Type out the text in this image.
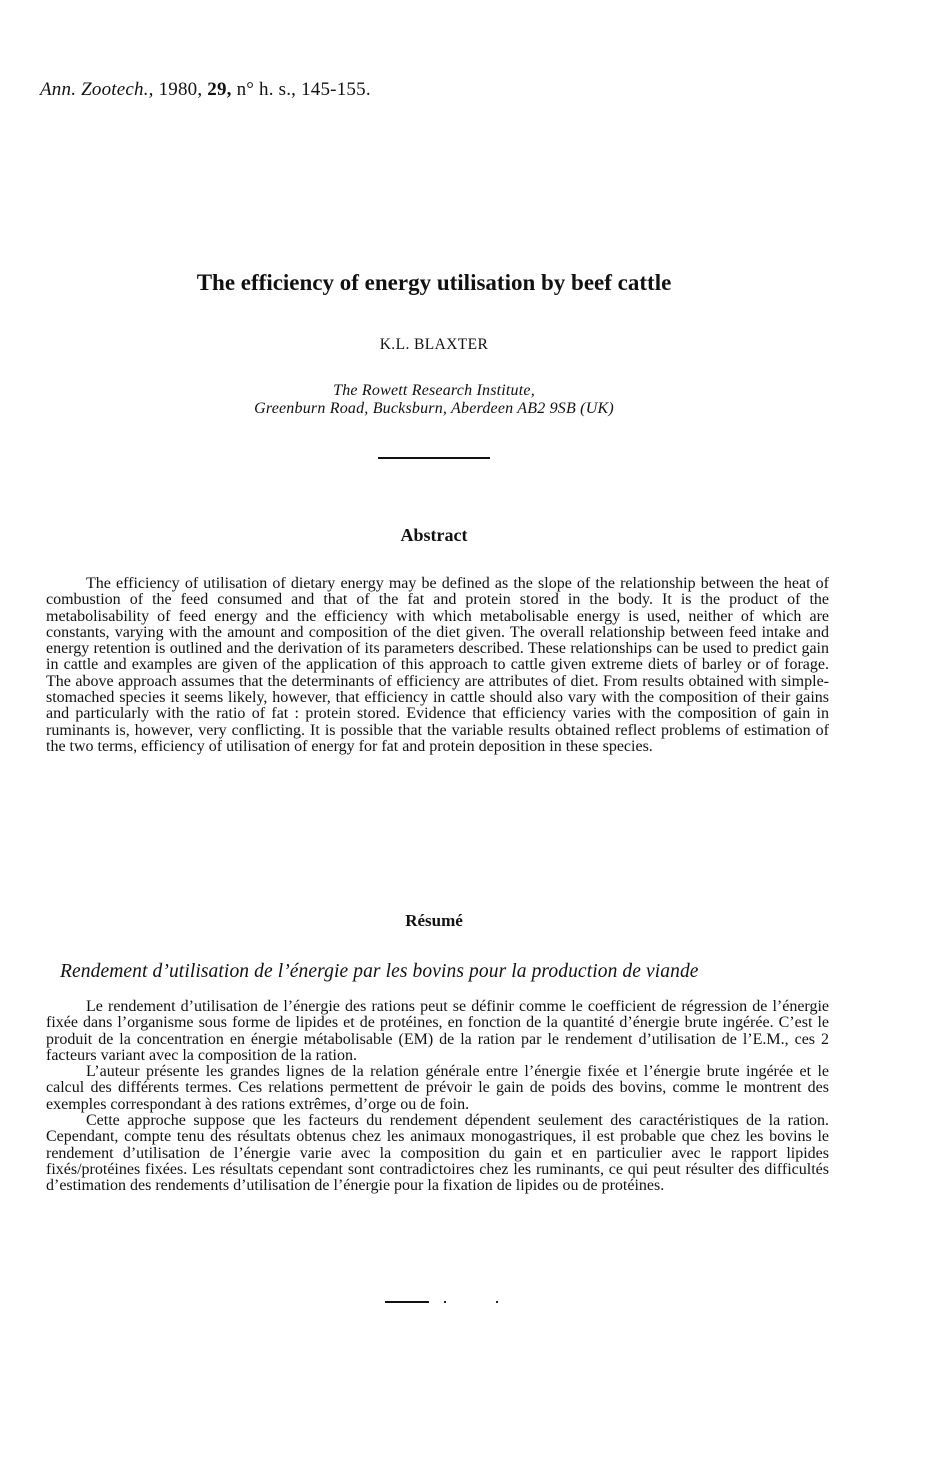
Ann. Zootech., 1980, 29, n° h. s., 145-155.
The efficiency of energy utilisation by beef cattle
K.L. BLAXTER
The Rowett Research Institute,
Greenburn Road, Bucksburn, Aberdeen AB2 9SB (UK)
Abstract

The efficiency of utilisation of dietary energy may be defined as the slope of the relationship between the heat of combustion of the feed consumed and that of the fat and protein stored in the body. It is the product of the metabolisability of feed energy and the efficiency with which metabolisable energy is used, neither of which are constants, varying with the amount and composition of the diet given. The overall relationship between feed intake and energy retention is outlined and the derivation of its parameters described. These relationships can be used to predict gain in cattle and examples are given of the application of this approach to cattle given extreme diets of barley or of forage. The above approach assumes that the determinants of efficiency are attributes of diet. From results obtained with simple-stomached species it seems likely, however, that efficiency in cattle should also vary with the composition of their gains and particularly with the ratio of fat : protein stored. Evidence that efficiency varies with the composition of gain in ruminants is, however, very conflicting. It is possible that the variable results obtained reflect problems of estimation of the two terms, efficiency of utilisation of energy for fat and protein deposition in these species.

Résumé
Rendement d’utilisation de l’énergie par les bovins pour la production de viande

Le rendement d’utilisation de l’énergie des rations peut se définir comme le coefficient de régression de l’énergie fixée dans l’organisme sous forme de lipides et de protéines, en fonction de la quantité d’énergie brute ingérée. C’est le produit de la concentration en énergie métabolisable (EM) de la ration par le rendement d’utilisation de l’E.M., ces 2 facteurs variant avec la composition de la ration.

L’auteur présente les grandes lignes de la relation générale entre l’énergie fixée et l’énergie brute ingérée et le calcul des différents termes. Ces relations permettent de prévoir le gain de poids des bovins, comme le montrent des exemples correspondant à des rations extrêmes, d’orge ou de foin.

Cette approche suppose que les facteurs du rendement dépendent seulement des caractéristiques de la ration. Cependant, compte tenu des résultats obtenus chez les animaux monogastriques, il est probable que chez les bovins le rendement d’utilisation de l’énergie varie avec la composition du gain et en particulier avec le rapport lipides fixés/protéines fixées. Les résultats cependant sont contradictoires chez les ruminants, ce qui peut résulter des difficultés d’estimation des rendements d’utilisation de l’énergie pour la fixation de lipides ou de protéines.
